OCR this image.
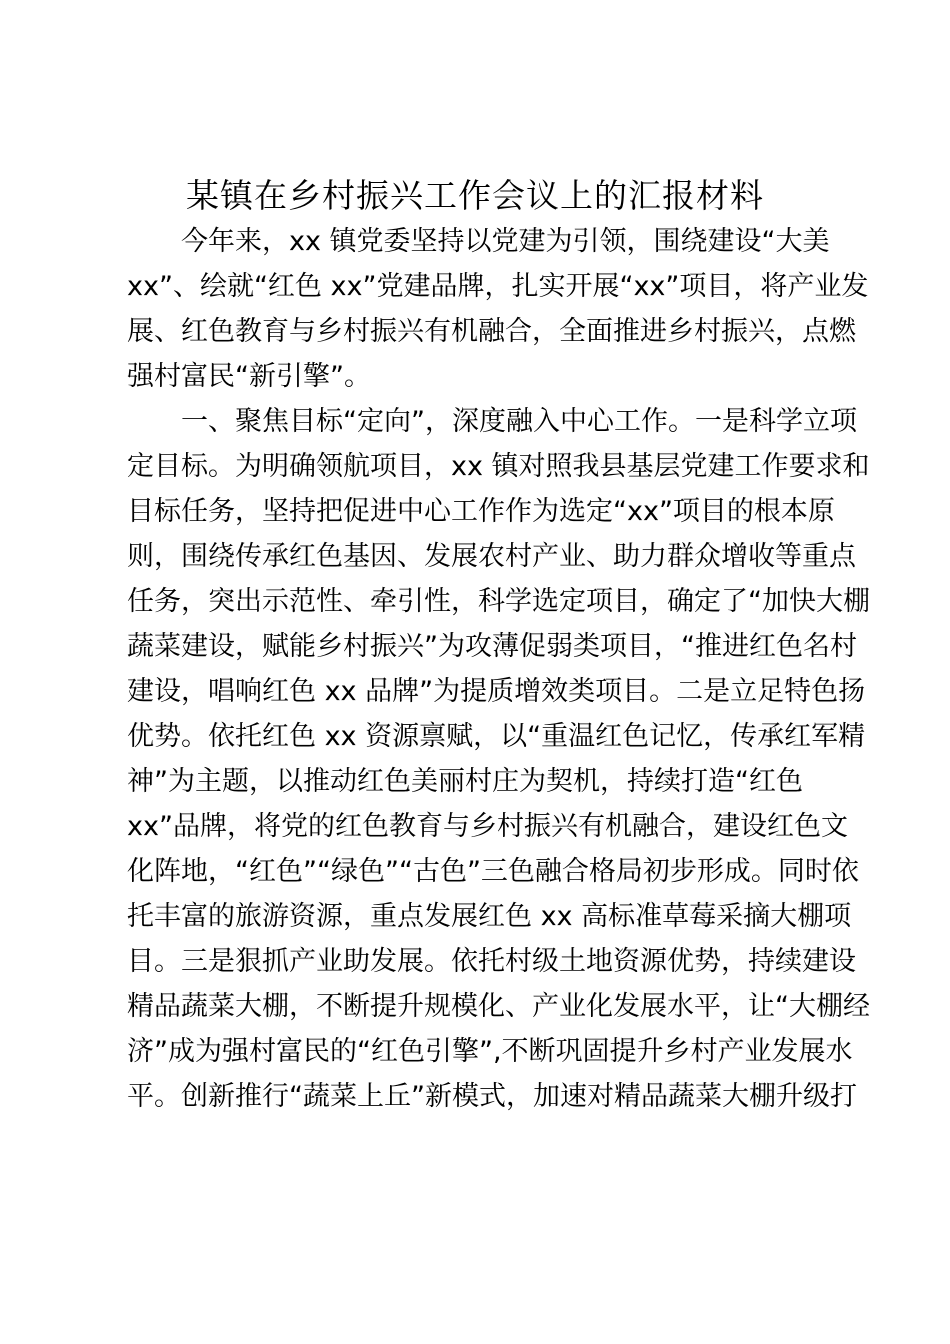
某镇在乡村振兴工作会议上的汇报材料
今年来，xx 镇党委坚持以党建为引领，围绕建设“大美
xx”、绘就“红色 xx”党建品牌，扎实开展“xx”项目，将产业发
展、红色教育与乡村振兴有机融合，全面推进乡村振兴，点燃
强村富民“新引擎”。
一、聚焦目标“定向”，深度融入中心工作。一是科学立项
定目标。为明确领航项目，xx 镇对照我县基层党建工作要求和
目标任务，坚持把促进中心工作作为选定“xx”项目的根本原
则，围绕传承红色基因、发展农村产业、助力群众增收等重点
任务，突出示范性、牵引性，科学选定项目，确定了“加快大棚
蔬菜建设，赋能乡村振兴”为攻薄促弱类项目，“推进红色名村
建设，唱响红色 xx 品牌”为提质增效类项目。二是立足特色扬
优势。依托红色 xx 资源禀赋，以“重温红色记忆，传承红军精
神”为主题，以推动红色美丽村庄为契机，持续打造“红色
xx”品牌，将党的红色教育与乡村振兴有机融合，建设红色文
化阵地，“红色”“绿色”“古色”三色融合格局初步形成。同时依
托丰富的旅游资源，重点发展红色 xx 高标准草莓采摘大棚项
目。三是狠抓产业助发展。依托村级土地资源优势，持续建设
精品蔬菜大棚，不断提升规模化、产业化发展水平，让“大棚经
济”成为强村富民的“红色引擎”,不断巩固提升乡村产业发展水
平。创新推行“蔬菜上丘”新模式，加速对精品蔬菜大棚升级打
